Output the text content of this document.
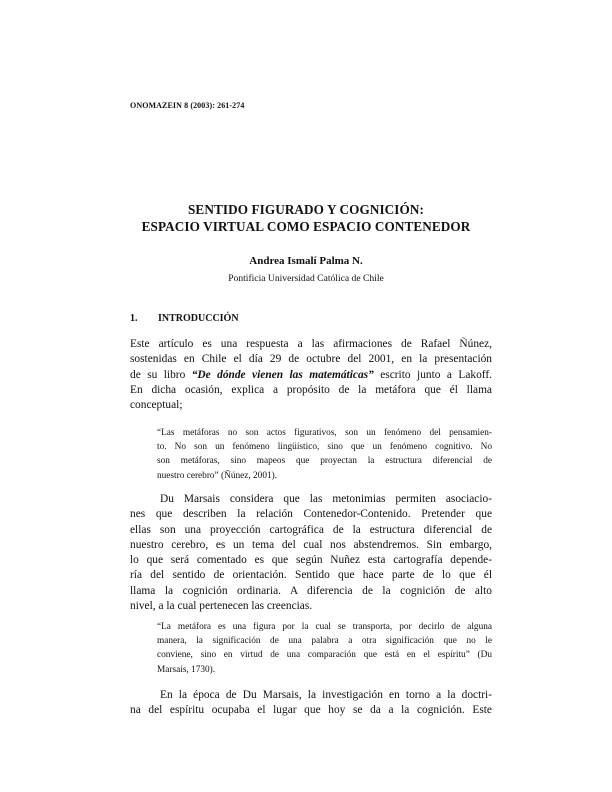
ONOMAZEIN 8 (2003): 261-274
SENTIDO FIGURADO Y COGNICIÓN:
ESPACIO VIRTUAL COMO ESPACIO CONTENEDOR
Andrea Ismalí Palma N.
Pontificia Universidad Católica de Chile
1. INTRODUCCIÓN
Este artículo es una respuesta a las afirmaciones de Rafael Ñúnez,
sostenidas en Chile el día 29 de octubre del 2001, en la presentación
de su libro “De dónde vienen las matemáticas” escrito junto a Lakoff.
En dicha ocasión, explica a propósito de la metáfora que él llama
conceptual;
“Las metáforas no son actos figurativos, son un fenómeno del pensamien-
to. No son un fenómeno lingüístico, sino que un fenómeno cognitivo. No
son metáforas, sino mapeos que proyectan la estructura diferencial de
nuestro cerebro” (Ñúnez, 2001).
Du Marsais considera que las metonimias permiten asociacio-
nes que describen la relación Contenedor-Contenido. Pretender que
ellas son una proyección cartográfica de la estructura diferencial de
nuestro cerebro, es un tema del cual nos abstendremos. Sin embargo,
lo que será comentado es que según Nuñez esta cartografía depende-
ría del sentido de orientación. Sentido que hace parte de lo que él
llama la cognición ordinaria. A diferencia de la cognición de alto
nivel, a la cual pertenecen las creencias.
“La metáfora es una figura por la cual se transporta, por decirlo de alguna
manera, la significación de una palabra a otra significación que no le
conviene, sino en virtud de una comparación que está en el espíritu” (Du
Marsais, 1730).
En la época de Du Marsais, la investigación en torno a la doctri-
na del espíritu ocupaba el lugar que hoy se da a la cognición. Este
